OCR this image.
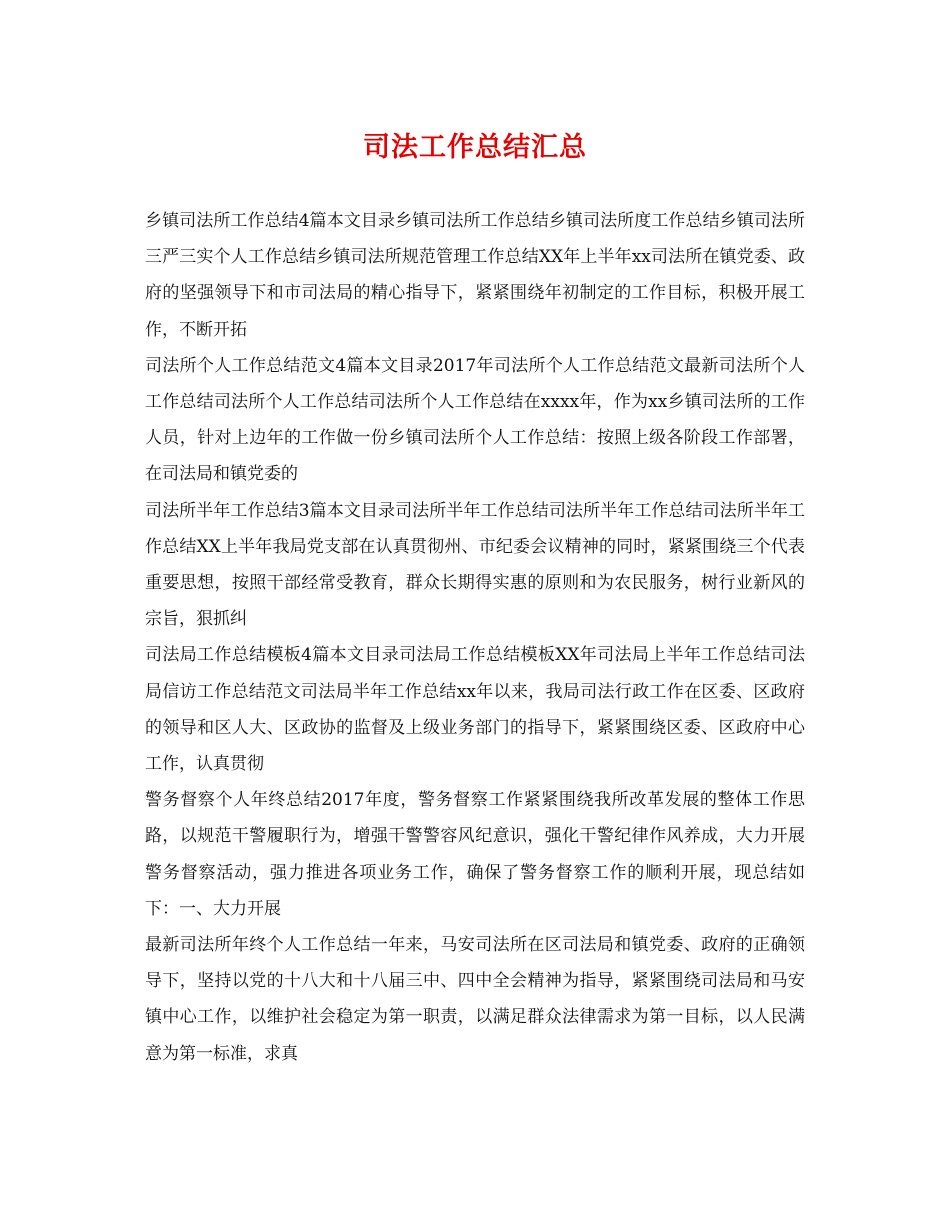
司法工作总结汇总

乡镇司法所工作总结4篇本文目录乡镇司法所工作总结乡镇司法所度工作总结乡镇司法所三严三实个人工作总结乡镇司法所规范管理工作总结XX年上半年xx司法所在镇党委、政府的坚强领导下和市司法局的精心指导下，紧紧围绕年初制定的工作目标，积极开展工作，不断开拓

司法所个人工作总结范文4篇本文目录2017年司法所个人工作总结范文最新司法所个人工作总结司法所个人工作总结司法所个人工作总结在xxxx年，作为xx乡镇司法所的工作人员，针对上边年的工作做一份乡镇司法所个人工作总结：按照上级各阶段工作部署，在司法局和镇党委的

司法所半年工作总结3篇本文目录司法所半年工作总结司法所半年工作总结司法所半年工作总结XX上半年我局党支部在认真贯彻州、市纪委会议精神的同时，紧紧围绕三个代表重要思想，按照干部经常受教育，群众长期得实惠的原则和为农民服务，树行业新风的宗旨，狠抓纠

司法局工作总结模板4篇本文目录司法局工作总结模板XX年司法局上半年工作总结司法局信访工作总结范文司法局半年工作总结xx年以来，我局司法行政工作在区委、区政府的领导和区人大、区政协的监督及上级业务部门的指导下，紧紧围绕区委、区政府中心工作，认真贯彻

警务督察个人年终总结2017年度，警务督察工作紧紧围绕我所改革发展的整体工作思路，以规范干警履职行为，增强干警警容风纪意识，强化干警纪律作风养成，大力开展警务督察活动，强力推进各项业务工作，确保了警务督察工作的顺利开展，现总结如下：一、大力开展

最新司法所年终个人工作总结一年来，马安司法所在区司法局和镇党委、政府的正确领导下，坚持以党的十八大和十八届三中、四中全会精神为指导，紧紧围绕司法局和马安镇中心工作，以维护社会稳定为第一职责，以满足群众法律需求为第一目标，以人民满意为第一标准，求真
